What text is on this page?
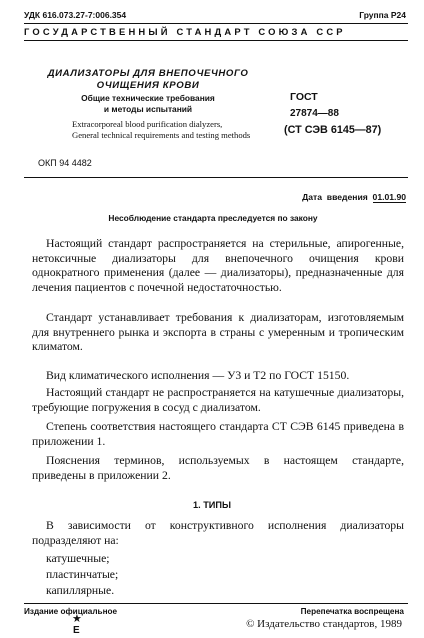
УДК 616.073.27-7:006.354	Группа Р24
ГОСУДАРСТВЕННЫЙ СТАНДАРТ СОЮЗА ССР
ДИАЛИЗАТОРЫ ДЛЯ ВНЕПОЧЕЧНОГО
ОЧИЩЕНИЯ КРОВИ
Общие технические требования
и методы испытаний
Extracorporeal blood purification dialyzers,
General technical requirements and testing methods
ГОСТ
27874—88
(СТ СЭВ 6145—87)
ОКП 94 4482
Дата введения 01.01.90
Несоблюдение стандарта преследуется по закону
Настоящий стандарт распространяется на стерильные, апирогенные, нетоксичные диализаторы для внепочечного очищения крови однократного применения (далее — диализаторы), предназначенные для лечения пациентов с почечной недостаточностью.
Стандарт устанавливает требования к диализаторам, изготовляемым для внутреннего рынка и экспорта в страны с умеренным и тропическим климатом.
Вид климатического исполнения — У3 и Т2 по ГОСТ 15150.
Настоящий стандарт не распространяется на катушечные диализаторы, требующие погружения в сосуд с диализатом.
Степень соответствия настоящего стандарта СТ СЭВ 6145 приведена в приложении 1.
Пояснения терминов, используемых в настоящем стандарте, приведены в приложении 2.
1. ТИПЫ
В зависимости от конструктивного исполнения диализаторы подразделяют на:
катушечные;
пластинчатые;
капиллярные.
Издание официальное	Перепечатка воспрещена
★
Е
© Издательство стандартов, 1989
